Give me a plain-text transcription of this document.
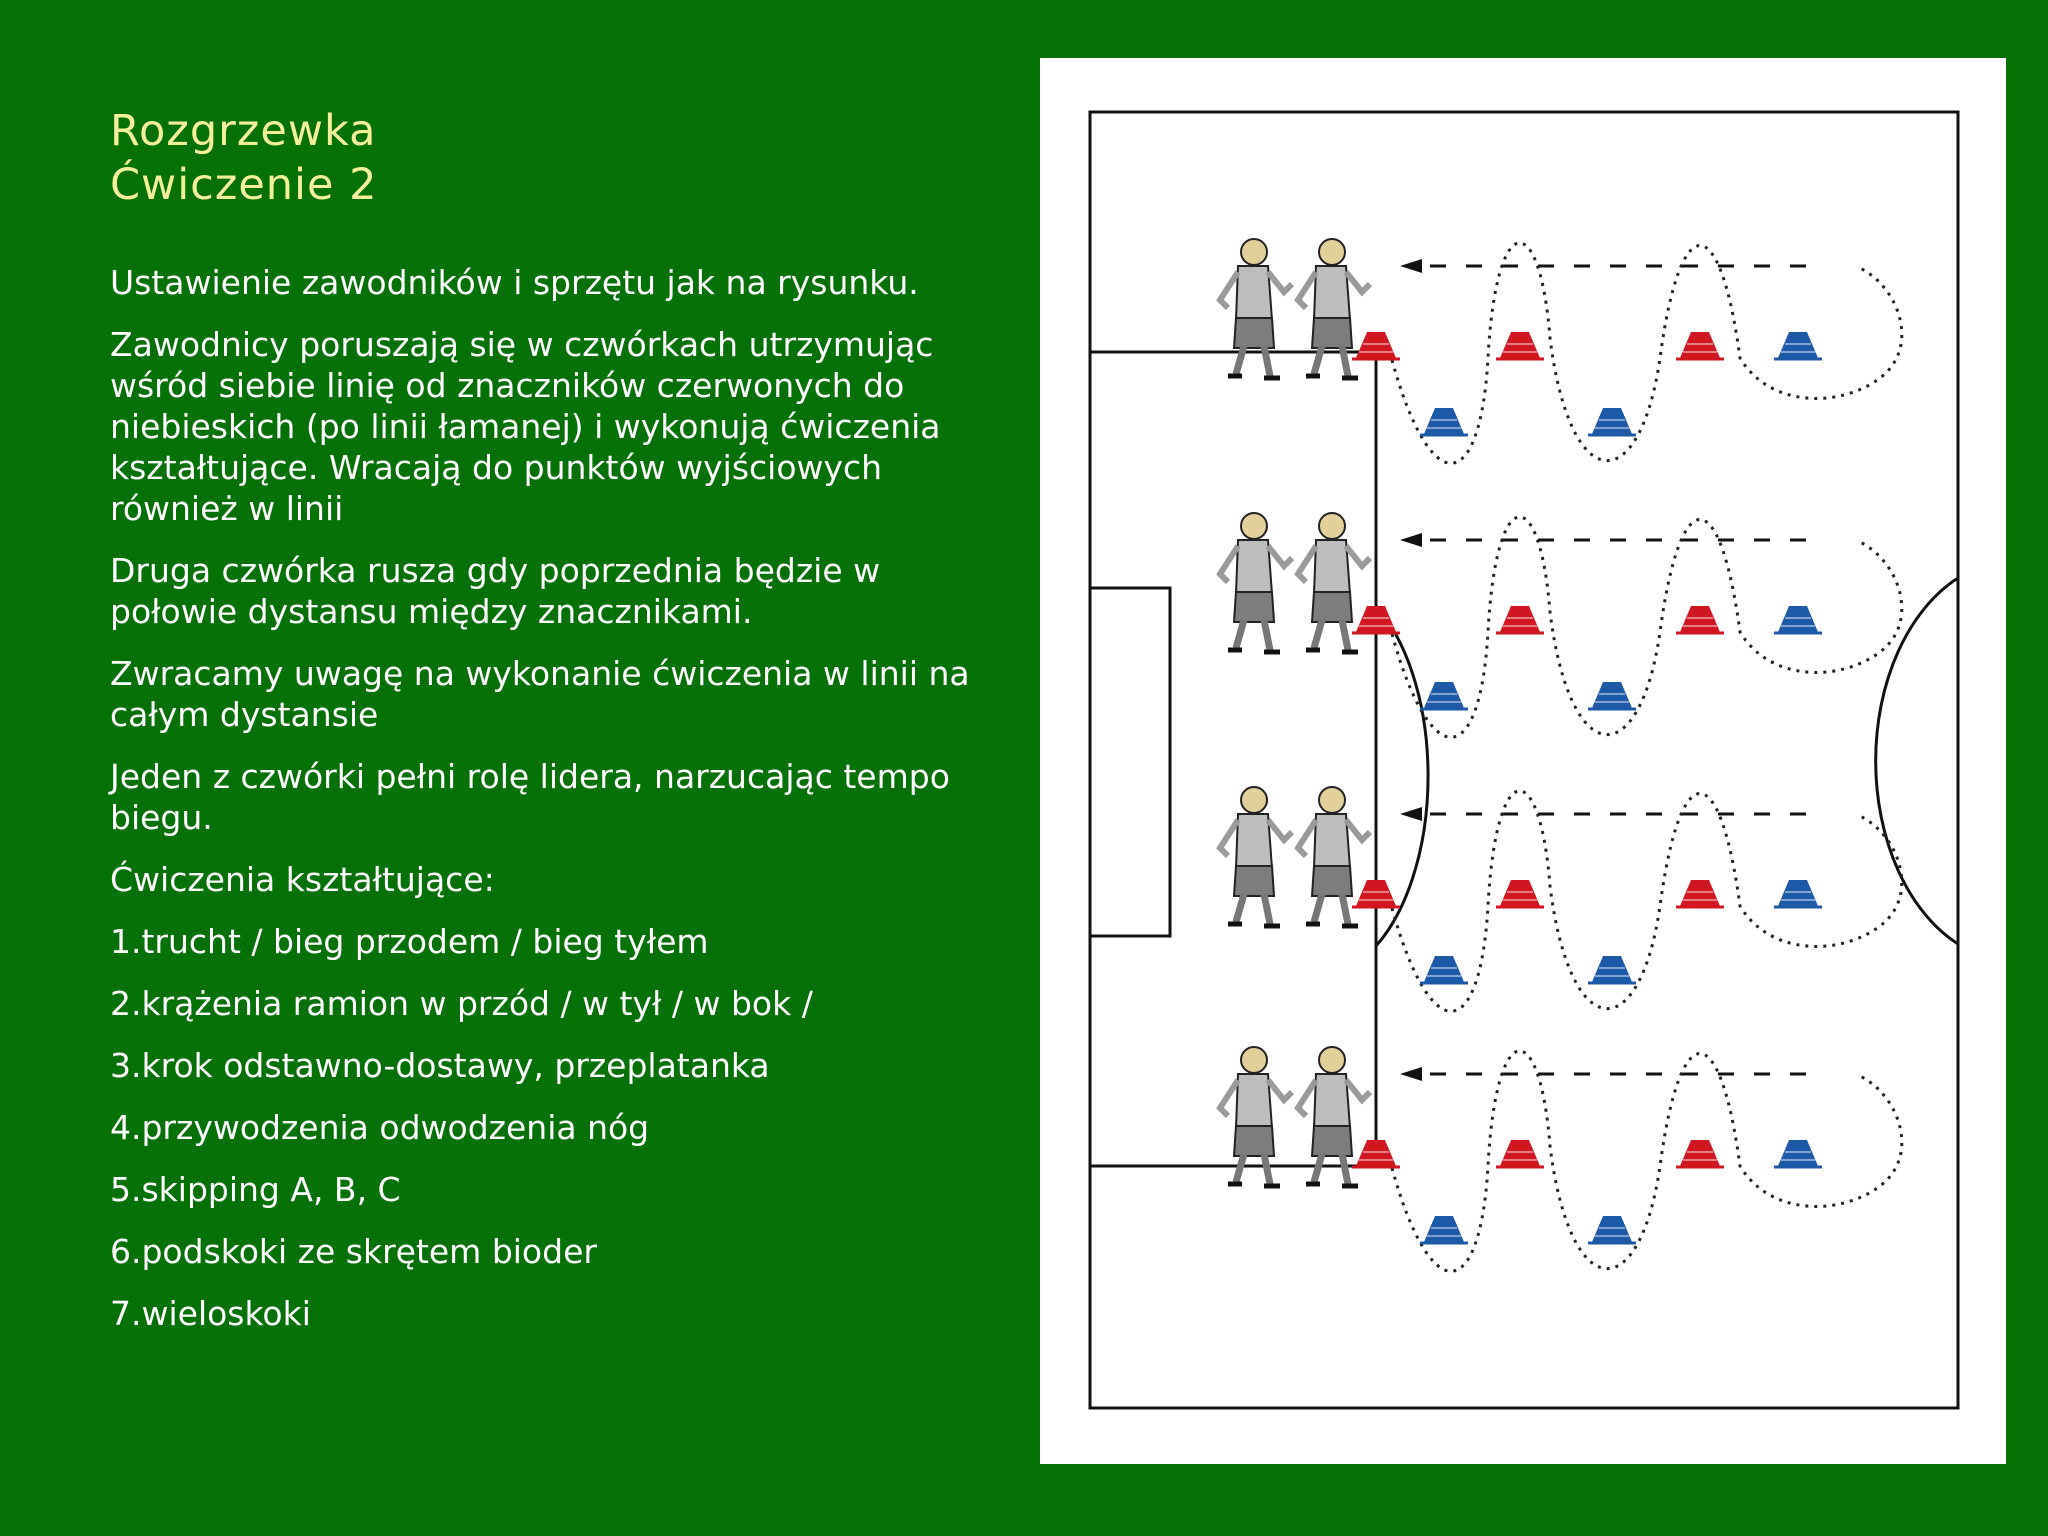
Rozgrzewka
Ćwiczenie 2

Ustawienie zawodników i sprzętu jak na rysunku.

Zawodnicy poruszają się w czwórkach utrzymując wśród siebie linię od znaczników czerwonych do niebieskich (po linii łamanej) i wykonują ćwiczenia kształtujące. Wracają do punktów wyjściowych również w linii

Druga czwórka rusza gdy poprzednia będzie w połowie dystansu między znacznikami.

Zwracamy uwagę na wykonanie ćwiczenia w linii na całym dystansie

Jeden z czwórki pełni rolę lidera, narzucając tempo biegu.

Ćwiczenia kształtujące:

1.trucht / bieg przodem / bieg tyłem

2.krążenia ramion w przód / w tył / w bok /

3.krok odstawno-dostawy, przeplatanka

4.przywodzenia odwodzenia nóg

5.skipping A, B, C

6.podskoki ze skrętem bioder

7.wieloskoki
